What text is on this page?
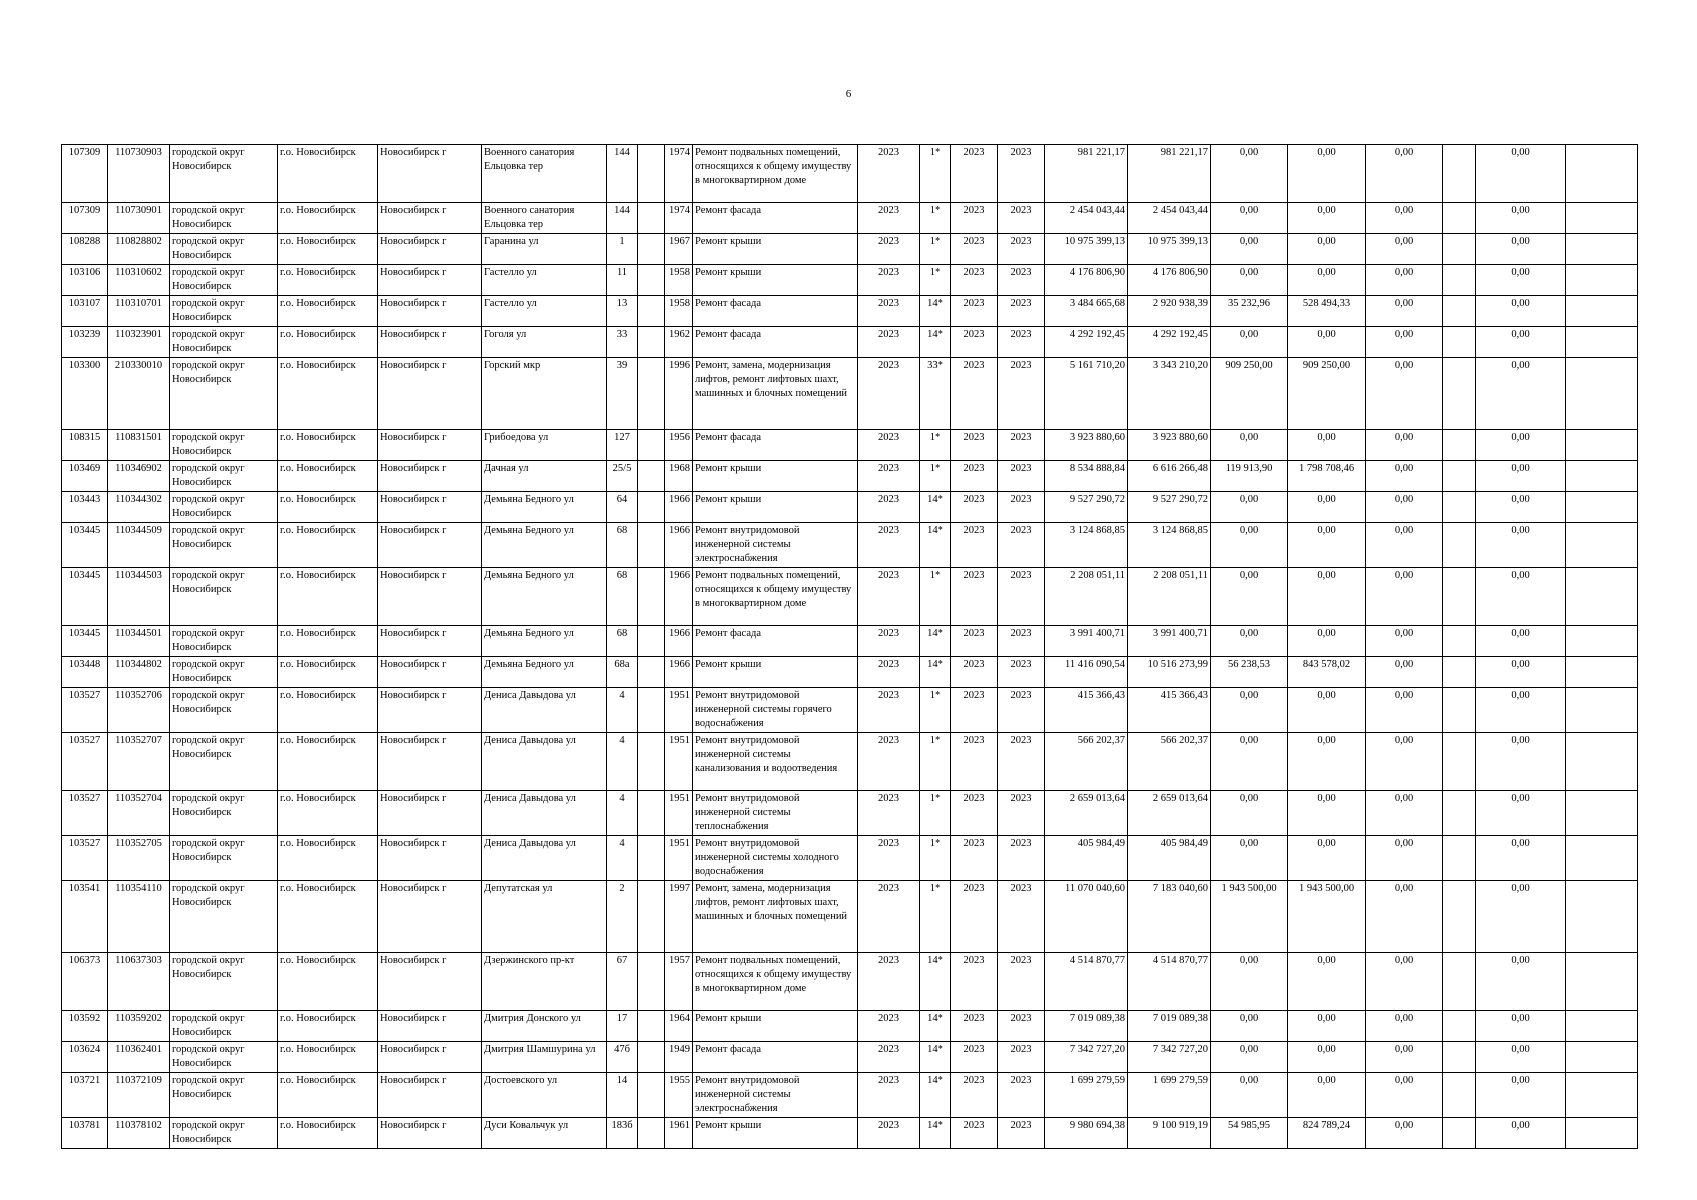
6
107309	110730903	городской округ Новосибирск	г.о. Новосибирск	Новосибирск г	Военного санатория Ельцовка тер	144		1974	Ремонт подвальных помещений, относящихся к общему имуществу в многоквартирном доме	2023	1*	2023	2023	981 221,17	981 221,17	0,00	0,00	0,00		0,00	
107309	110730901	городской округ Новосибирск	г.о. Новосибирск	Новосибирск г	Военного санатория Ельцовка тер	144		1974	Ремонт фасада	2023	1*	2023	2023	2 454 043,44	2 454 043,44	0,00	0,00	0,00		0,00	
108288	110828802	городской округ Новосибирск	г.о. Новосибирск	Новосибирск г	Гаранина ул	1		1967	Ремонт крыши	2023	1*	2023	2023	10 975 399,13	10 975 399,13	0,00	0,00	0,00		0,00	
103106	110310602	городской округ Новосибирск	г.о. Новосибирск	Новосибирск г	Гастелло ул	11		1958	Ремонт крыши	2023	1*	2023	2023	4 176 806,90	4 176 806,90	0,00	0,00	0,00		0,00	
103107	110310701	городской округ Новосибирск	г.о. Новосибирск	Новосибирск г	Гастелло ул	13		1958	Ремонт фасада	2023	14*	2023	2023	3 484 665,68	2 920 938,39	35 232,96	528 494,33	0,00		0,00	
103239	110323901	городской округ Новосибирск	г.о. Новосибирск	Новосибирск г	Гоголя ул	33		1962	Ремонт фасада	2023	14*	2023	2023	4 292 192,45	4 292 192,45	0,00	0,00	0,00		0,00	
103300	210330010	городской округ Новосибирск	г.о. Новосибирск	Новосибирск г	Горский мкр	39		1996	Ремонт, замена, модернизация лифтов, ремонт лифтовых шахт, машинных и блочных помещений	2023	33*	2023	2023	5 161 710,20	3 343 210,20	909 250,00	909 250,00	0,00		0,00	
108315	110831501	городской округ Новосибирск	г.о. Новосибирск	Новосибирск г	Грибоедова ул	127		1956	Ремонт фасада	2023	1*	2023	2023	3 923 880,60	3 923 880,60	0,00	0,00	0,00		0,00	
103469	110346902	городской округ Новосибирск	г.о. Новосибирск	Новосибирск г	Дачная ул	25/5		1968	Ремонт крыши	2023	1*	2023	2023	8 534 888,84	6 616 266,48	119 913,90	1 798 708,46	0,00		0,00	
103443	110344302	городской округ Новосибирск	г.о. Новосибирск	Новосибирск г	Демьяна Бедного ул	64		1966	Ремонт крыши	2023	14*	2023	2023	9 527 290,72	9 527 290,72	0,00	0,00	0,00		0,00	
103445	110344509	городской округ Новосибирск	г.о. Новосибирск	Новосибирск г	Демьяна Бедного ул	68		1966	Ремонт внутридомовой инженерной системы электроснабжения	2023	14*	2023	2023	3 124 868,85	3 124 868,85	0,00	0,00	0,00		0,00	
103445	110344503	городской округ Новосибирск	г.о. Новосибирск	Новосибирск г	Демьяна Бедного ул	68		1966	Ремонт подвальных помещений, относящихся к общему имуществу в многоквартирном доме	2023	1*	2023	2023	2 208 051,11	2 208 051,11	0,00	0,00	0,00		0,00	
103445	110344501	городской округ Новосибирск	г.о. Новосибирск	Новосибирск г	Демьяна Бедного ул	68		1966	Ремонт фасада	2023	14*	2023	2023	3 991 400,71	3 991 400,71	0,00	0,00	0,00		0,00	
103448	110344802	городской округ Новосибирск	г.о. Новосибирск	Новосибирск г	Демьяна Бедного ул	68а		1966	Ремонт крыши	2023	14*	2023	2023	11 416 090,54	10 516 273,99	56 238,53	843 578,02	0,00		0,00	
103527	110352706	городской округ Новосибирск	г.о. Новосибирск	Новосибирск г	Дениса Давыдова ул	4		1951	Ремонт внутридомовой инженерной системы горячего водоснабжения	2023	1*	2023	2023	415 366,43	415 366,43	0,00	0,00	0,00		0,00	
103527	110352707	городской округ Новосибирск	г.о. Новосибирск	Новосибирск г	Дениса Давыдова ул	4		1951	Ремонт внутридомовой инженерной системы канализования и водоотведения	2023	1*	2023	2023	566 202,37	566 202,37	0,00	0,00	0,00		0,00	
103527	110352704	городской округ Новосибирск	г.о. Новосибирск	Новосибирск г	Дениса Давыдова ул	4		1951	Ремонт внутридомовой инженерной системы теплоснабжения	2023	1*	2023	2023	2 659 013,64	2 659 013,64	0,00	0,00	0,00		0,00	
103527	110352705	городской округ Новосибирск	г.о. Новосибирск	Новосибирск г	Дениса Давыдова ул	4		1951	Ремонт внутридомовой инженерной системы холодного водоснабжения	2023	1*	2023	2023	405 984,49	405 984,49	0,00	0,00	0,00		0,00	
103541	110354110	городской округ Новосибирск	г.о. Новосибирск	Новосибирск г	Депутатская ул	2		1997	Ремонт, замена, модернизация лифтов, ремонт лифтовых шахт, машинных и блочных помещений	2023	1*	2023	2023	11 070 040,60	7 183 040,60	1 943 500,00	1 943 500,00	0,00		0,00	
106373	110637303	городской округ Новосибирск	г.о. Новосибирск	Новосибирск г	Дзержинского пр-кт	67		1957	Ремонт подвальных помещений, относящихся к общему имуществу в многоквартирном доме	2023	14*	2023	2023	4 514 870,77	4 514 870,77	0,00	0,00	0,00		0,00	
103592	110359202	городской округ Новосибирск	г.о. Новосибирск	Новосибирск г	Дмитрия Донского ул	17		1964	Ремонт крыши	2023	14*	2023	2023	7 019 089,38	7 019 089,38	0,00	0,00	0,00		0,00	
103624	110362401	городской округ Новосибирск	г.о. Новосибирск	Новосибирск г	Дмитрия Шамшурина ул	47б		1949	Ремонт фасада	2023	14*	2023	2023	7 342 727,20	7 342 727,20	0,00	0,00	0,00		0,00	
103721	110372109	городской округ Новосибирск	г.о. Новосибирск	Новосибирск г	Достоевского ул	14		1955	Ремонт внутридомовой инженерной системы электроснабжения	2023	14*	2023	2023	1 699 279,59	1 699 279,59	0,00	0,00	0,00		0,00	
103781	110378102	городской округ Новосибирск	г.о. Новосибирск	Новосибирск г	Дуси Ковальчук ул	183б		1961	Ремонт крыши	2023	14*	2023	2023	9 980 694,38	9 100 919,19	54 985,95	824 789,24	0,00		0,00	
